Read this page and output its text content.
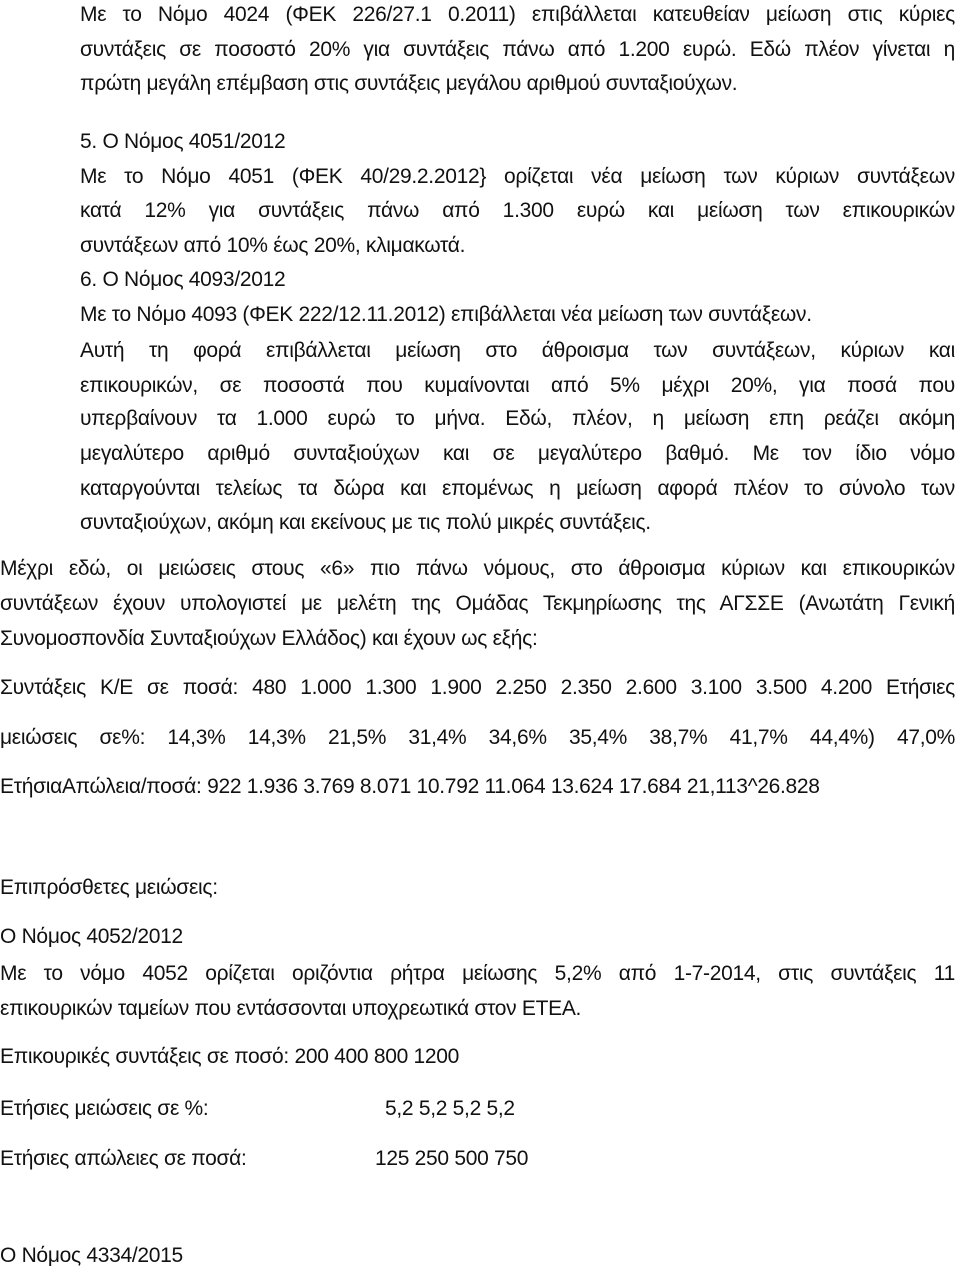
Με το Νόμο 4024 (ΦΕΚ 226/27.1 0.2011) επιβάλλεται κατευθείαν μείωση στις κύριες
συντάξεις σε ποσοστό 20% για συντάξεις πάνω από 1.200 ευρώ. Εδώ πλέον γίνεται η
πρώτη μεγάλη επέμβαση στις συντάξεις μεγάλου αριθμού συνταξιούχων.
5. Ο Νόμος 4051/2012
Με το Νόμο 4051 (ΦΕΚ 40/29.2.2012} ορίζεται νέα μείωση των κύριων συντάξεων
κατά 12% για συντάξεις πάνω από 1.300 ευρώ και μείωση των επικουρικών
συντάξεων από 10% έως 20%, κλιμακωτά.
6. Ο Νόμος 4093/2012
Με το Νόμο 4093 (ΦΕΚ 222/12.11.2012) επιβάλλεται νέα μείωση των συντάξεων.
Αυτή τη φορά επιβάλλεται μείωση στο άθροισμα των συντάξεων, κύριων και
επικουρικών, σε ποσοστά που κυμαίνονται από 5% μέχρι 20%, για ποσά που
υπερβαίνουν τα 1.000 ευρώ το μήνα. Εδώ, πλέον, η μείωση επη ρεάζει ακόμη
μεγαλύτερο αριθμό συνταξιούχων και σε μεγαλύτερο βαθμό. Με τον ίδιο νόμο
καταργούνται τελείως τα δώρα και επομένως η μείωση αφορά πλέον το σύνολο των
συνταξιούχων, ακόμη και εκείνους με τις πολύ μικρές συντάξεις.
Μέχρι εδώ, οι μειώσεις στους «6» πιο πάνω νόμους, στο άθροισμα κύριων και επικουρικών
συντάξεων έχουν υπολογιστεί με μελέτη της Ομάδας Τεκμηρίωσης της ΑΓΣΣΕ (Ανωτάτη Γενική
Συνομοσπονδία Συνταξιούχων Ελλάδος) και έχουν ως εξής:
Συντάξεις Κ/Ε σε ποσά: 480 1.000 1.300 1.900 2.250 2.350 2.600 3.100 3.500 4.200 Ετήσιες
μειώσεις σε%: 14,3% 14,3% 21,5% 31,4% 34,6% 35,4% 38,7% 41,7% 44,4%) 47,0%
ΕτήσιαΑπώλεια/ποσά: 922 1.936 3.769 8.071 10.792 11.064 13.624 17.684 21,113^26.828
Επιπρόσθετες μειώσεις:
Ο Νόμος 4052/2012
Με το νόμο 4052 ορίζεται οριζόντια ρήτρα μείωσης 5,2% από 1-7-2014, στις συντάξεις 11
επικουρικών ταμείων που εντάσσονται υποχρεωτικά στον ΕΤΕΑ.
Επικουρικές συντάξεις σε ποσό: 200 400 800 1200
Ετήσιες μειώσεις σε %:	5,2 5,2 5,2 5,2
Ετήσιες απώλειες σε ποσά:	125 250 500 750
Ο Νόμος 4334/2015
